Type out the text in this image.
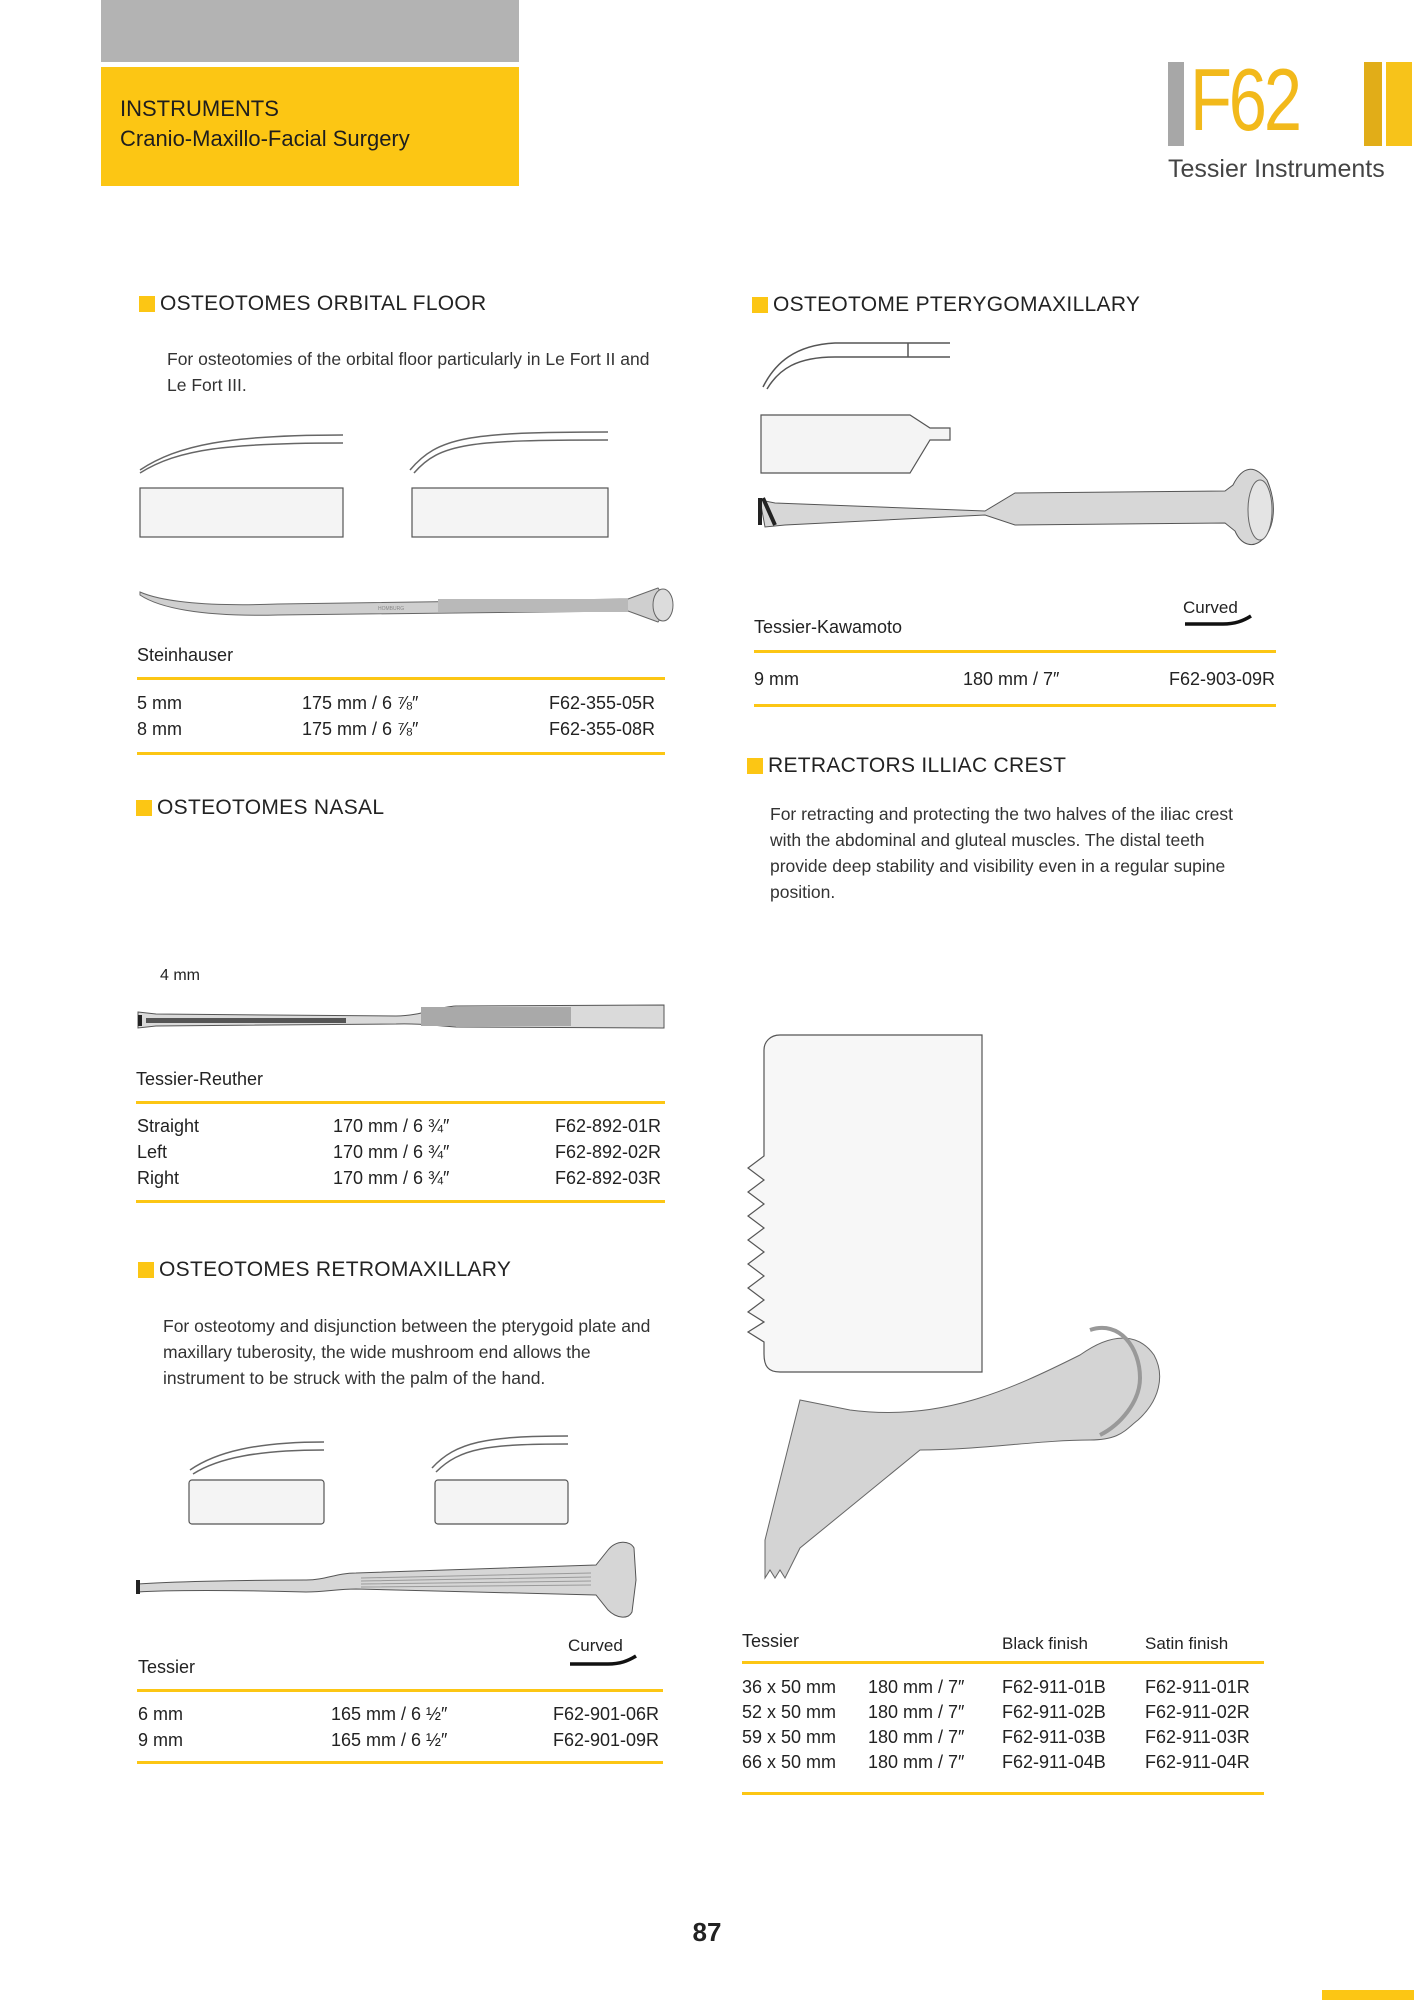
INSTRUMENTS
Cranio-Maxillo-Facial Surgery	F62
Tessier Instruments
OSTEOTOMES ORBITAL FLOOR
For osteotomies of the orbital floor particularly in Le Fort II and Le Fort III.
HOMBURG
Steinhauser
5 mm	175 mm / 6 ⅞″	F62-355-05R
8 mm	175 mm / 6 ⅞″	F62-355-08R
OSTEOTOMES NASAL
4 mm
Tessier-Reuther
Straight	170 mm / 6 ¾″	F62-892-01R
Left	170 mm / 6 ¾″	F62-892-02R
Right	170 mm / 6 ¾″	F62-892-03R
OSTEOTOMES RETROMAXILLARY
For osteotomy and disjunction between the pterygoid plate and maxillary tuberosity, the wide mushroom end allows the instrument to be struck with the palm of the hand.
Curved
Tessier
6 mm	165 mm / 6 ½″	F62-901-06R
9 mm	165 mm / 6 ½″	F62-901-09R
OSTEOTOME PTERYGOMAXILLARY
Curved
Tessier-Kawamoto
9 mm	180 mm / 7″	F62-903-09R
RETRACTORS ILLIAC CREST
For retracting and protecting the two halves of the iliac crest with the abdominal and gluteal muscles. The distal teeth provide deep stability and visibility even in a regular supine position.
Tessier	Black finish	Satin finish
36 x 50 mm 180 mm / 7″ F62-911-01B F62-911-01R
52 x 50 mm 180 mm / 7″ F62-911-02B F62-911-02R
59 x 50 mm 180 mm / 7″ F62-911-03B F62-911-03R
66 x 50 mm 180 mm / 7″ F62-911-04B F62-911-04R
87
